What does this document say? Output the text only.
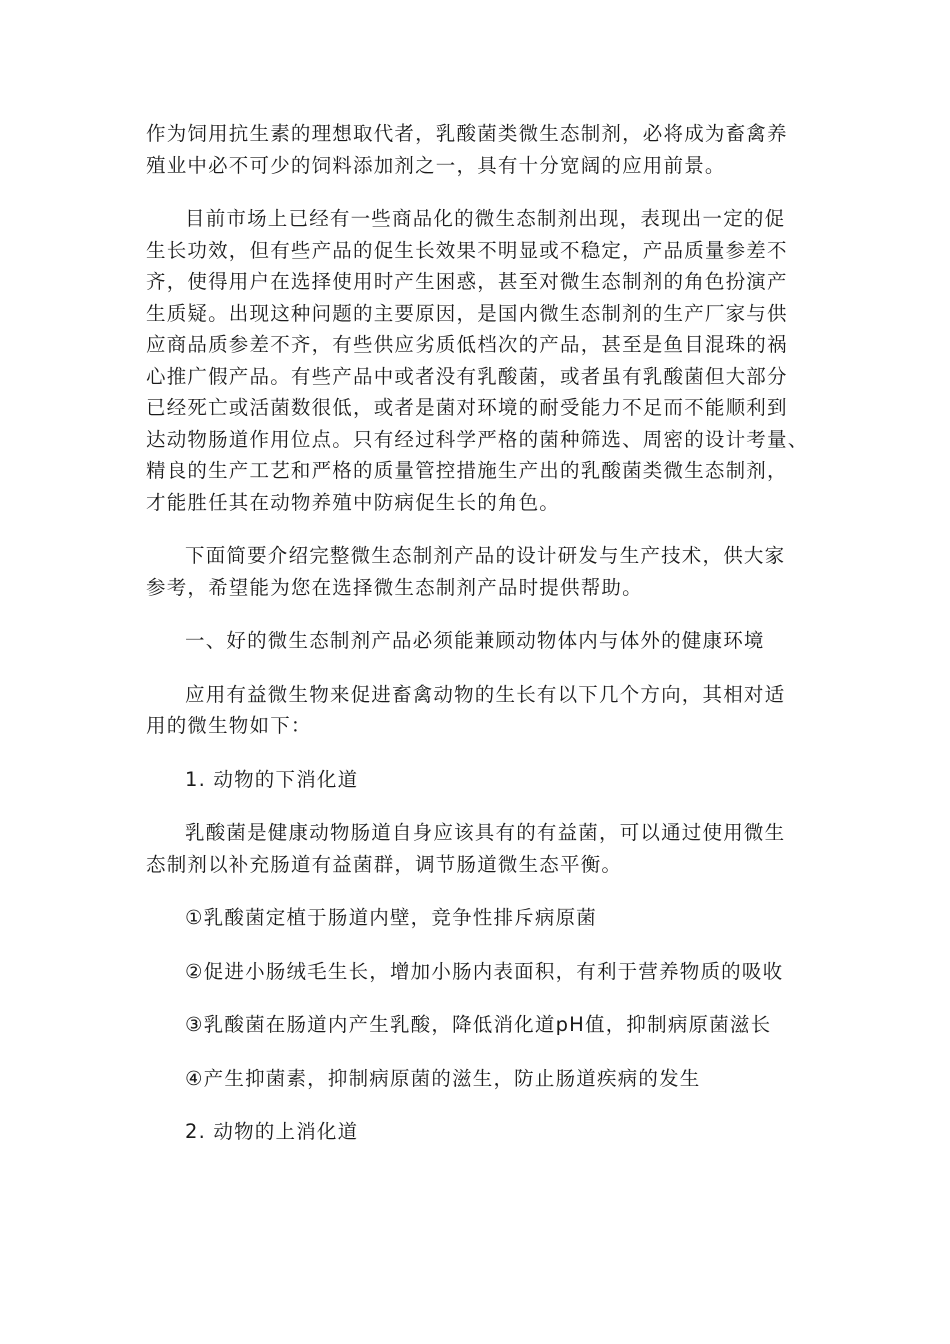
作为饲用抗生素的理想取代者，乳酸菌类微生态制剂，必将成为畜禽养
殖业中必不可少的饲料添加剂之一，具有十分宽阔的应用前景。

目前市场上已经有一些商品化的微生态制剂出现，表现出一定的促
生长功效，但有些产品的促生长效果不明显或不稳定，产品质量参差不
齐，使得用户在选择使用时产生困惑，甚至对微生态制剂的角色扮演产
生质疑。出现这种问题的主要原因，是国内微生态制剂的生产厂家与供
应商品质参差不齐，有些供应劣质低档次的产品，甚至是鱼目混珠的祸
心推广假产品。有些产品中或者没有乳酸菌，或者虽有乳酸菌但大部分
已经死亡或活菌数很低，或者是菌对环境的耐受能力不足而不能顺利到
达动物肠道作用位点。只有经过科学严格的菌种筛选、周密的设计考量、
精良的生产工艺和严格的质量管控措施生产出的乳酸菌类微生态制剂，
才能胜任其在动物养殖中防病促生长的角色。

下面简要介绍完整微生态制剂产品的设计研发与生产技术，供大家
参考，希望能为您在选择微生态制剂产品时提供帮助。

一、好的微生态制剂产品必须能兼顾动物体内与体外的健康环境

应用有益微生物来促进畜禽动物的生长有以下几个方向，其相对适
用的微生物如下：

1. 动物的下消化道

乳酸菌是健康动物肠道自身应该具有的有益菌，可以通过使用微生
态制剂以补充肠道有益菌群，调节肠道微生态平衡。

①乳酸菌定植于肠道内壁，竞争性排斥病原菌

②促进小肠绒毛生长，增加小肠内表面积，有利于营养物质的吸收

③乳酸菌在肠道内产生乳酸，降低消化道pH值，抑制病原菌滋长

④产生抑菌素，抑制病原菌的滋生，防止肠道疾病的发生

2. 动物的上消化道
